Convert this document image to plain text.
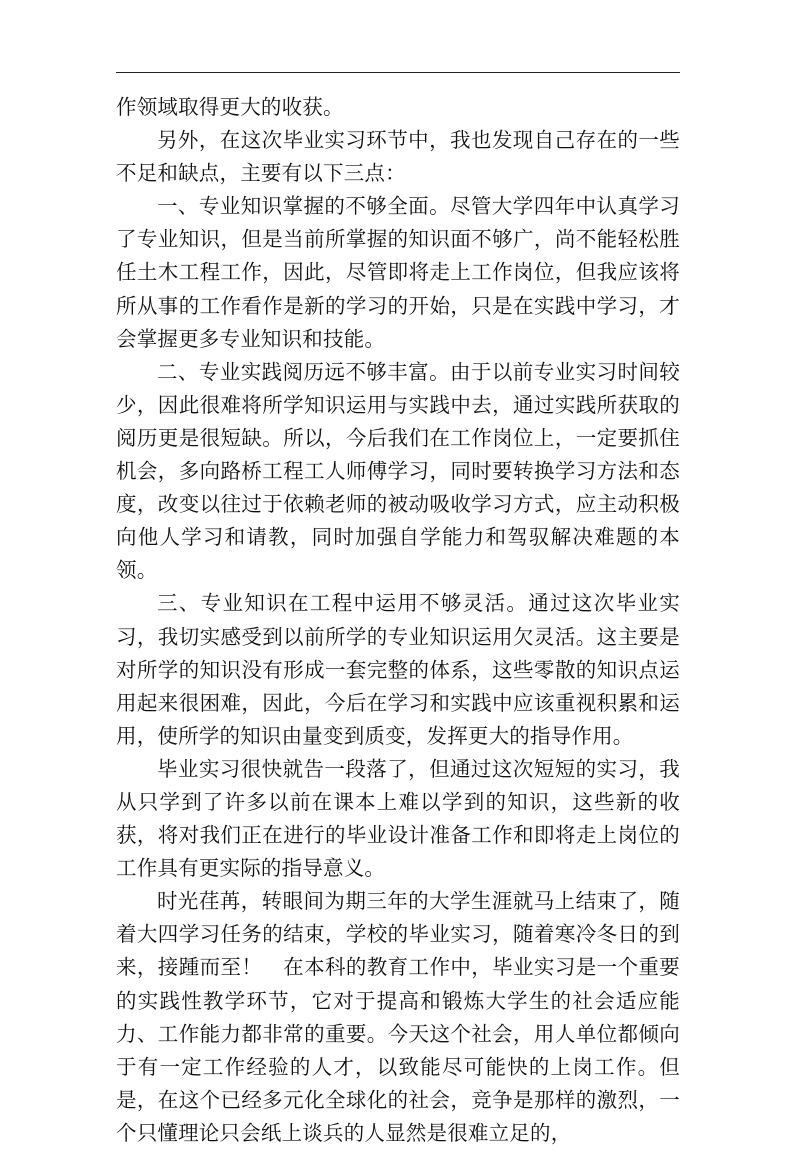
作领域取得更大的收获。

另外，在这次毕业实习环节中，我也发现自己存在的一些不足和缺点，主要有以下三点：

一、专业知识掌握的不够全面。尽管大学四年中认真学习了专业知识，但是当前所掌握的知识面不够广，尚不能轻松胜任土木工程工作，因此，尽管即将走上工作岗位，但我应该将所从事的工作看作是新的学习的开始，只是在实践中学习，才会掌握更多专业知识和技能。

二、专业实践阅历远不够丰富。由于以前专业实习时间较少，因此很难将所学知识运用与实践中去，通过实践所获取的阅历更是很短缺。所以，今后我们在工作岗位上，一定要抓住机会，多向路桥工程工人师傅学习，同时要转换学习方法和态度，改变以往过于依赖老师的被动吸收学习方式，应主动积极向他人学习和请教，同时加强自学能力和驾驭解决难题的本领。

三、专业知识在工程中运用不够灵活。通过这次毕业实习，我切实感受到以前所学的专业知识运用欠灵活。这主要是对所学的知识没有形成一套完整的体系，这些零散的知识点运用起来很困难，因此，今后在学习和实践中应该重视积累和运用，使所学的知识由量变到质变，发挥更大的指导作用。

毕业实习很快就告一段落了，但通过这次短短的实习，我从只学到了许多以前在课本上难以学到的知识，这些新的收获，将对我们正在进行的毕业设计准备工作和即将走上岗位的工作具有更实际的指导意义。

时光荏苒，转眼间为期三年的大学生涯就马上结束了，随着大四学习任务的结束，学校的毕业实习，随着寒冷冬日的到来，接踵而至！　在本科的教育工作中，毕业实习是一个重要的实践性教学环节，它对于提高和锻炼大学生的社会适应能力、工作能力都非常的重要。今天这个社会，用人单位都倾向于有一定工作经验的人才，以致能尽可能快的上岗工作。但是，在这个已经多元化全球化的社会，竞争是那样的激烈，一个只懂理论只会纸上谈兵的人显然是很难立足的，
